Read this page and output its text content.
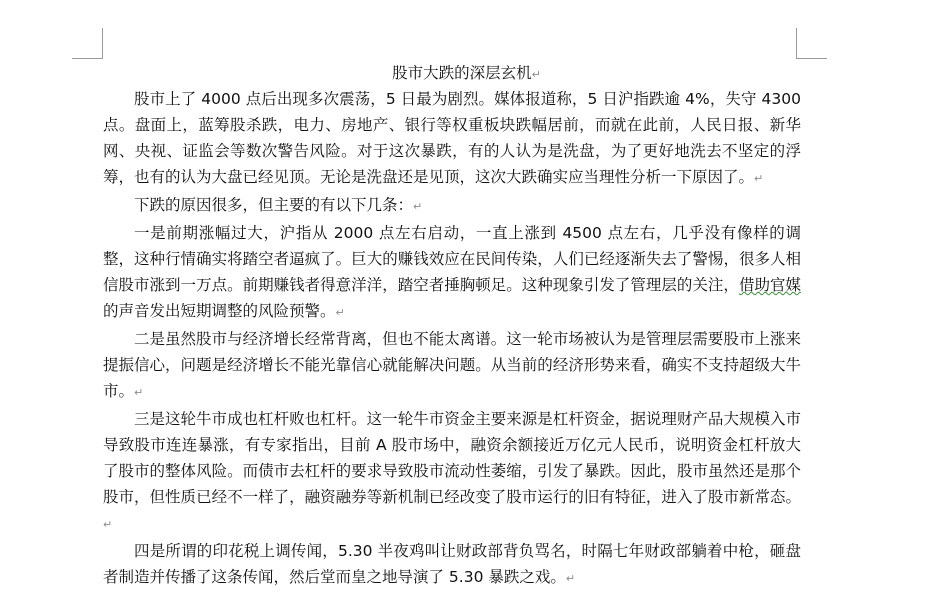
股市大跌的深层玄机↵

股市上了 4000 点后出现多次震荡，5 日最为剧烈。媒体报道称，5 日沪指跌逾 4%，失守 4300 点。盘面上，蓝筹股杀跌，电力、房地产、银行等权重板块跌幅居前，而就在此前，人民日报、新华网、央视、证监会等数次警告风险。对于这次暴跌，有的人认为是洗盘，为了更好地洗去不坚定的浮筹，也有的认为大盘已经见顶。无论是洗盘还是见顶，这次大跌确实应当理性分析一下原因了。↵

下跌的原因很多，但主要的有以下几条：↵

一是前期涨幅过大，沪指从 2000 点左右启动，一直上涨到 4500 点左右，几乎没有像样的调整，这种行情确实将踏空者逼疯了。巨大的赚钱效应在民间传染，人们已经逐渐失去了警惕，很多人相信股市涨到一万点。前期赚钱者得意洋洋，踏空者捶胸顿足。这种现象引发了管理层的关注，借助官媒的声音发出短期调整的风险预警。↵

二是虽然股市与经济增长经常背离，但也不能太离谱。这一轮市场被认为是管理层需要股市上涨来提振信心，问题是经济增长不能光靠信心就能解决问题。从当前的经济形势来看，确实不支持超级大牛市。↵

三是这轮牛市成也杠杆败也杠杆。这一轮牛市资金主要来源是杠杆资金，据说理财产品大规模入市导致股市连连暴涨，有专家指出，目前 A 股市场中，融资余额接近万亿元人民币，说明资金杠杆放大了股市的整体风险。而债市去杠杆的要求导致股市流动性萎缩，引发了暴跌。因此，股市虽然还是那个股市，但性质已经不一样了，融资融券等新机制已经改变了股市运行的旧有特征，进入了股市新常态。↵

四是所谓的印花税上调传闻，5.30 半夜鸡叫让财政部背负骂名，时隔七年财政部躺着中枪，砸盘者制造并传播了这条传闻，然后堂而皇之地导演了 5.30 暴跌之戏。↵
